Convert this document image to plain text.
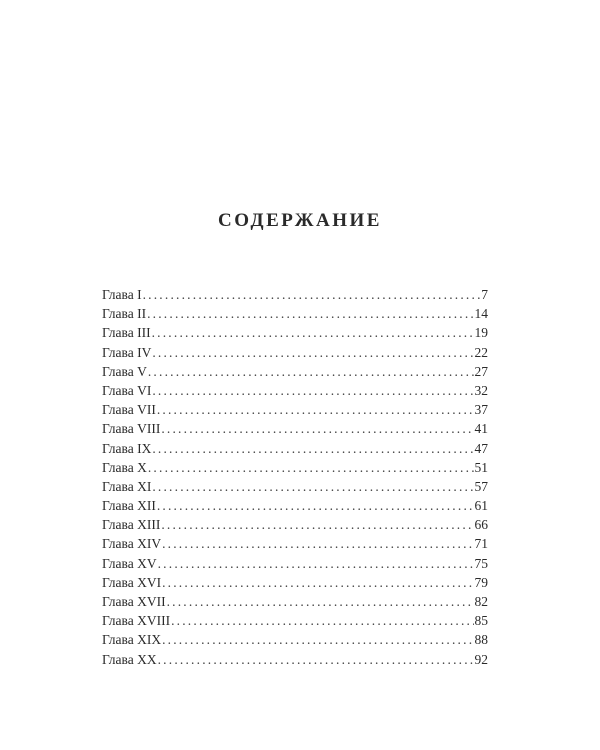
СОДЕРЖАНИЕ
Глава I .....	7
Глава II .....	14
Глава III .....	19
Глава IV .....	22
Глава V .....	27
Глава VI .....	32
Глава VII .....	37
Глава VIII .....	41
Глава IX .....	47
Глава X .....	51
Глава XI .....	57
Глава XII .....	61
Глава XIII .....	66
Глава XIV .....	71
Глава XV .....	75
Глава XVI .....	79
Глава XVII .....	82
Глава XVIII .....	85
Глава XIX .....	88
Глава XX .....	92
